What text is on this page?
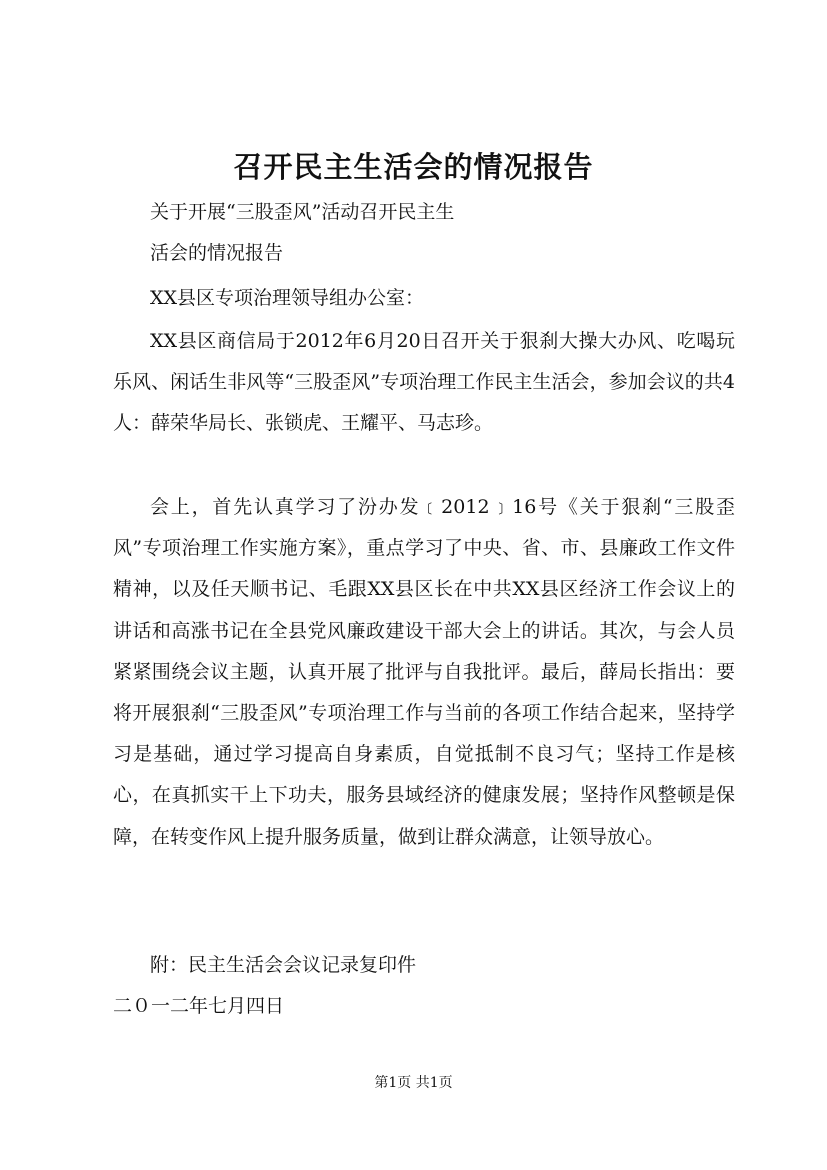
召开民主生活会的情况报告
关于开展“三股歪风”活动召开民主生
活会的情况报告
XX县区专项治理领导组办公室：

XX县区商信局于2012年6月20日召开关于狠刹大操大办风、吃喝玩乐风、闲话生非风等“三股歪风”专项治理工作民主生活会，参加会议的共4人：薛荣华局长、张锁虎、王耀平、马志珍。

会上，首先认真学习了汾办发﹝2012﹞16号《关于狠刹“三股歪风”专项治理工作实施方案》，重点学习了中央、省、市、县廉政工作文件精神，以及任天顺书记、毛跟XX县区长在中共XX县区经济工作会议上的讲话和高涨书记在全县党风廉政建设干部大会上的讲话。其次，与会人员紧紧围绕会议主题，认真开展了批评与自我批评。最后，薛局长指出：要将开展狠刹“三股歪风”专项治理工作与当前的各项工作结合起来，坚持学习是基础，通过学习提高自身素质，自觉抵制不良习气；坚持工作是核心，在真抓实干上下功夫，服务县域经济的健康发展；坚持作风整顿是保障，在转变作风上提升服务质量，做到让群众满意，让领导放心。

附：民主生活会会议记录复印件
二０一二年七月四日
第1页 共1页
